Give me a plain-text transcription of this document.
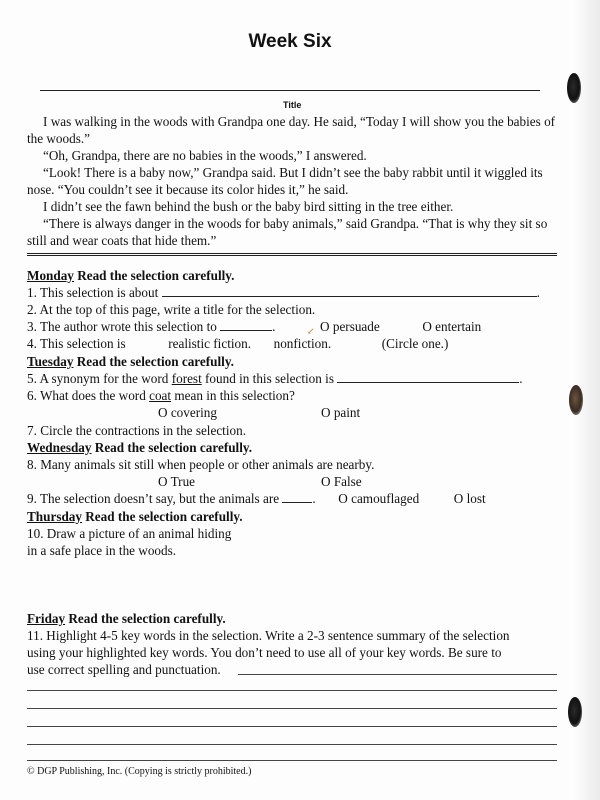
Week Six
Title

I was walking in the woods with Grandpa one day. He said, “Today I will show you the babies of the woods.”

“Oh, Grandpa, there are no babies in the woods,” I answered.

“Look! There is a baby now,” Grandpa said. But I didn’t see the baby rabbit until it wiggled its nose. “You couldn’t see it because its color hides it,” he said.

I didn’t see the fawn behind the bush or the baby bird sitting in the tree either.

“There is always danger in the woods for baby animals,” said Grandpa. “That is why they sit so still and wear coats that hide them.”

Monday Read the selection carefully.
1. This selection is about	.
2. At the top of this page, write a title for the selection.
3. The author wrote this selection to	.	O persuade	O entertain
↙
4. This selection is	realistic fiction. nonfiction.	(Circle one.)
Tuesday Read the selection carefully.
5. A synonym for the word forest found in this selection is	.
6. What does the word coat mean in this selection?
O covering	O paint
7. Circle the contractions in the selection.
Wednesday Read the selection carefully.
8. Many animals sit still when people or other animals are nearby.
O True	O False
9. The selection doesn’t say, but the animals are	. O camouflaged	O lost
Thursday Read the selection carefully.
10. Draw a picture of an animal hiding
in a safe place in the woods.
Friday Read the selection carefully.
11. Highlight 4-5 key words in the selection. Write a 2-3 sentence summary of the selection
using your highlighted key words. You don’t need to use all of your key words. Be sure to
use correct spelling and punctuation.
© DGP Publishing, Inc. (Copying is strictly prohibited.)
